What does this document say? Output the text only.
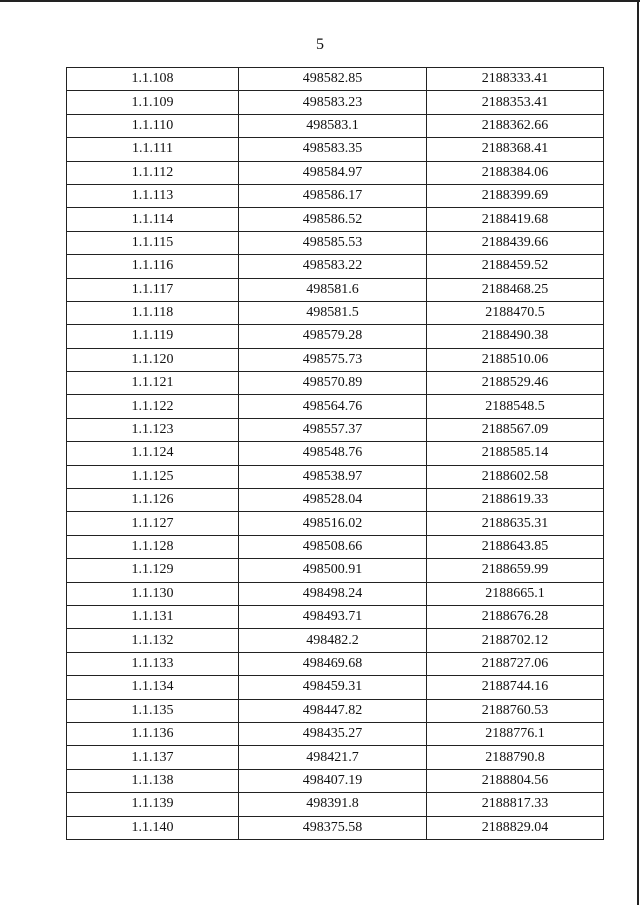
5
1.1.108	498582.85	2188333.41
1.1.109	498583.23	2188353.41
1.1.110	498583.1	2188362.66
1.1.111	498583.35	2188368.41
1.1.112	498584.97	2188384.06
1.1.113	498586.17	2188399.69
1.1.114	498586.52	2188419.68
1.1.115	498585.53	2188439.66
1.1.116	498583.22	2188459.52
1.1.117	498581.6	2188468.25
1.1.118	498581.5	2188470.5
1.1.119	498579.28	2188490.38
1.1.120	498575.73	2188510.06
1.1.121	498570.89	2188529.46
1.1.122	498564.76	2188548.5
1.1.123	498557.37	2188567.09
1.1.124	498548.76	2188585.14
1.1.125	498538.97	2188602.58
1.1.126	498528.04	2188619.33
1.1.127	498516.02	2188635.31
1.1.128	498508.66	2188643.85
1.1.129	498500.91	2188659.99
1.1.130	498498.24	2188665.1
1.1.131	498493.71	2188676.28
1.1.132	498482.2	2188702.12
1.1.133	498469.68	2188727.06
1.1.134	498459.31	2188744.16
1.1.135	498447.82	2188760.53
1.1.136	498435.27	2188776.1
1.1.137	498421.7	2188790.8
1.1.138	498407.19	2188804.56
1.1.139	498391.8	2188817.33
1.1.140	498375.58	2188829.04
